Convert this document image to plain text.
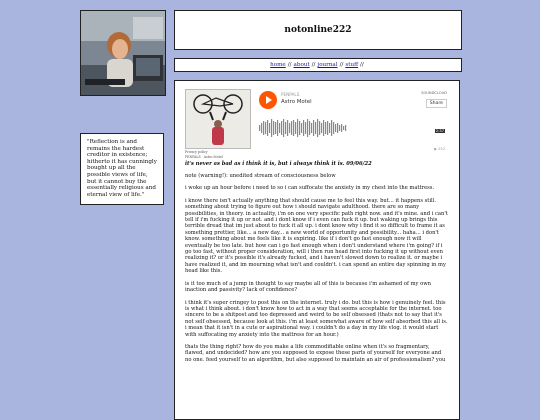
"Reflection is and remains the hardest creditor in existence; hitherto it has cunningly bought up all the possible views of life, but it cannot buy the essentially religious and eternal view of life."
notonline222
home // about // journal // stuff //
Privacy policy
PENPALS · Astro Motel
PENPALS
Astro Motel
SOUNDCLOUD
Share
2:37
▶ 252
it's never as bad as i think it is, but i always think it is. 09/06/22

note (warning!): unedited stream of consciousness below

i woke up an hour before i need to so i can suffocate the anxiety in my chest into the mattress.

i know there isn't actually anything that should cause me to feel this way. but... it happens still. something about trying to figure out how i should navigate adulthood. there are so many possibilities, in theory. in actuality, i'm on one very specific path right now. and it's mine. and i can't tell if i'm fucking it up or not. and i dont know if i even can fuck it up. but waking up brings this terrible dread that im just about to fuck it all up. i dont know why i find it so difficult to frame it as something prettier, like... a new day... a new world of opportunity and possibility... haha... i don't know. something about me feels like it is expiring. like if i don't go fast enough now it will eventually be too late. but how can i go fast enough when i don't understand where i'm going? if i go too fast, without proper consideration, will i then run head first into fucking it up without even realizing it? or it's possible it's already fucked, and i haven't slowed down to realize it. or maybe i have realized it, and im mourning what isn't and couldn't. i can spend an entire day spinning in my head like this.

is it too much of a jump in thought to say maybe all of this is because i'm ashamed of my own inaction and passivity? lack of confidence?

i think it's super cringey to post this on the internet. truly i do. but this is how i genuinely feel. this is what i think about. i don't know how to act in a way that seems acceptable for the internet. too sincere to be a shitpost and too depressed and weird to be self obsessed (thats not to say that it's not self obsessed, because look at this. i'm at least somewhat aware of how self absorbed this all is. i mean that it isn't in a cute or aspirational way. i couldn't do a day in my life vlog. it would start with suffocating my anxiety into the mattress for an hour.)

thats the thing right? how do you make a life commodifiable online when it's so fragmentary, flawed, and undecided? how are you supposed to expose these parts of yourself for everyone and no one. feed yourself to an algorithm, but also supposed to maintain an air of professionalism? you
